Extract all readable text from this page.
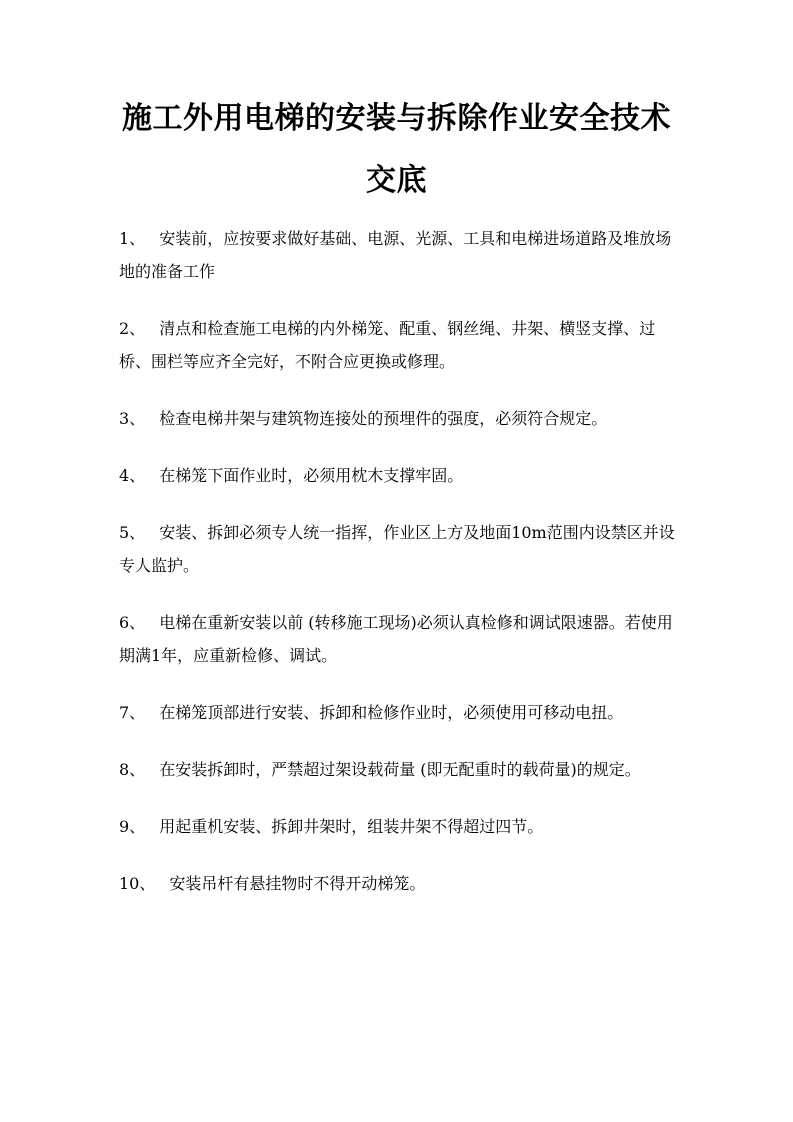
施工外用电梯的安装与拆除作业安全技术
交底
1、 安装前，应按要求做好基础、电源、光源、工具和电梯进场道路及堆放场地的准备工作
2、 清点和检查施工电梯的内外梯笼、配重、钢丝绳、井架、横竖支撑、过桥、围栏等应齐全完好，不附合应更换或修理。
3、 检查电梯井架与建筑物连接处的预埋件的强度，必须符合规定。
4、 在梯笼下面作业时，必须用枕木支撑牢固。
5、 安装、拆卸必须专人统一指挥，作业区上方及地面10m范围内设禁区并设专人监护。
6、 电梯在重新安装以前 (转移施工现场)必须认真检修和调试限速器。若使用期满1年，应重新检修、调试。
7、 在梯笼顶部进行安装、拆卸和检修作业时，必须使用可移动电扭。
8、 在安装拆卸时，严禁超过架设载荷量 (即无配重时的载荷量)的规定。
9、 用起重机安装、拆卸井架时，组装井架不得超过四节。
10、 安装吊杆有悬挂物时不得开动梯笼。
